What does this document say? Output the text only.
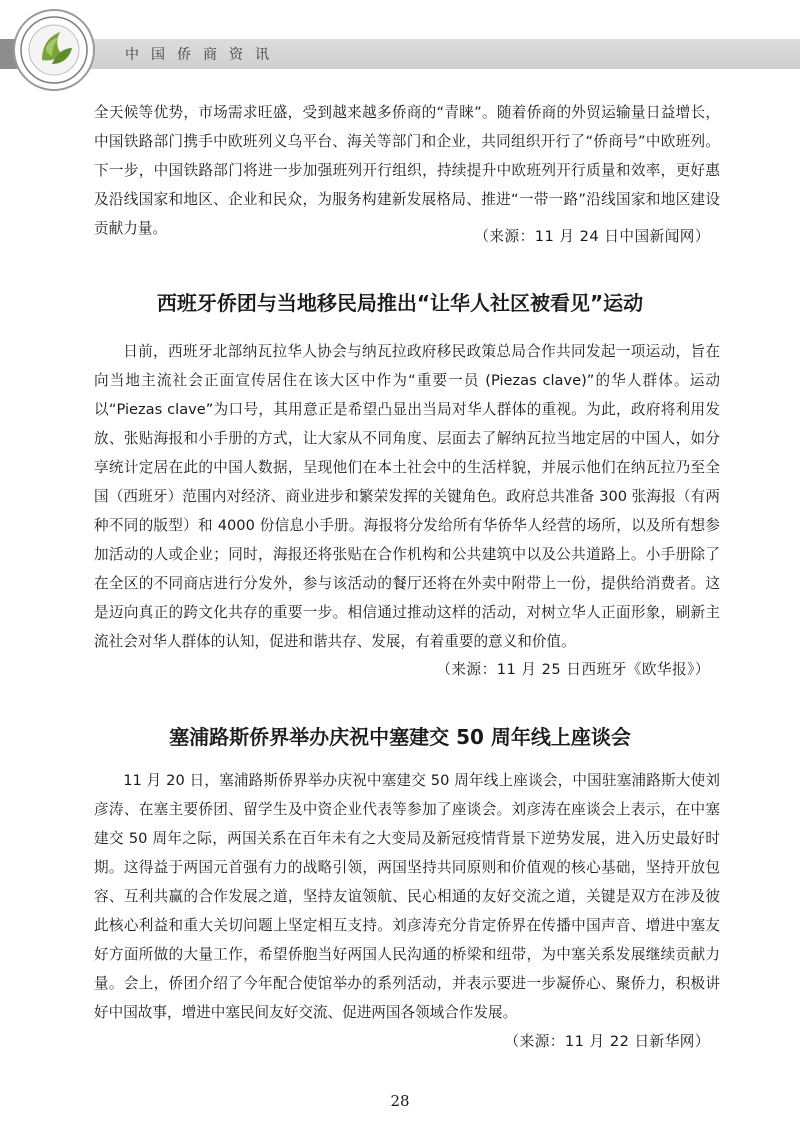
中国侨商资讯

全天候等优势，市场需求旺盛，受到越来越多侨商的“青睐”。随着侨商的外贸运输量日益增长，中国铁路部门携手中欧班列义乌平台、海关等部门和企业，共同组织开行了“侨商号”中欧班列。下一步，中国铁路部门将进一步加强班列开行组织，持续提升中欧班列开行质量和效率，更好惠及沿线国家和地区、企业和民众，为服务构建新发展格局、推进“一带一路”沿线国家和地区建设贡献力量。	（来源：11 月 24 日中国新闻网）
西班牙侨团与当地移民局推出“让华人社区被看见”运动

日前，西班牙北部纳瓦拉华人协会与纳瓦拉政府移民政策总局合作共同发起一项运动，旨在向当地主流社会正面宣传居住在该大区中作为“重要一员 (Piezas clave)”的华人群体。运动以“Piezas clave”为口号，其用意正是希望凸显出当局对华人群体的重视。为此，政府将利用发放、张贴海报和小手册的方式，让大家从不同角度、层面去了解纳瓦拉当地定居的中国人，如分享统计定居在此的中国人数据，呈现他们在本土社会中的生活样貌，并展示他们在纳瓦拉乃至全国（西班牙）范围内对经济、商业进步和繁荣发挥的关键角色。政府总共准备 300 张海报（有两种不同的版型）和 4000 份信息小手册。海报将分发给所有华侨华人经营的场所，以及所有想参加活动的人或企业；同时，海报还将张贴在合作机构和公共建筑中以及公共道路上。小手册除了在全区的不同商店进行分发外，参与该活动的餐厅还将在外卖中附带上一份，提供给消费者。这是迈向真正的跨文化共存的重要一步。相信通过推动这样的活动，对树立华人正面形象，刷新主流社会对华人群体的认知，促进和谐共存、发展，有着重要的意义和价值。

（来源：11 月 25 日西班牙《欧华报》）
塞浦路斯侨界举办庆祝中塞建交 50 周年线上座谈会

11 月 20 日，塞浦路斯侨界举办庆祝中塞建交 50 周年线上座谈会，中国驻塞浦路斯大使刘彦涛、在塞主要侨团、留学生及中资企业代表等参加了座谈会。刘彦涛在座谈会上表示，在中塞建交 50 周年之际，两国关系在百年未有之大变局及新冠疫情背景下逆势发展，进入历史最好时期。这得益于两国元首强有力的战略引领，两国坚持共同原则和价值观的核心基础，坚持开放包容、互利共赢的合作发展之道，坚持友谊领航、民心相通的友好交流之道，关键是双方在涉及彼此核心利益和重大关切问题上坚定相互支持。刘彦涛充分肯定侨界在传播中国声音、增进中塞友好方面所做的大量工作，希望侨胞当好两国人民沟通的桥梁和纽带，为中塞关系发展继续贡献力量。会上，侨团介绍了今年配合使馆举办的系列活动，并表示要进一步凝侨心、聚侨力，积极讲好中国故事，增进中塞民间友好交流、促进两国各领域合作发展。

（来源：11 月 22 日新华网）
28
